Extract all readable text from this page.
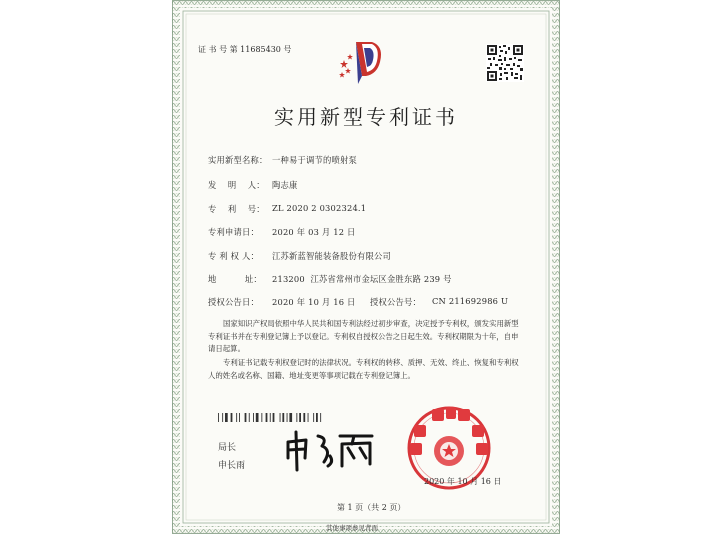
证 书 号 第 11685430 号
实用新型专利证书
实用新型名称： 一种易于调节的喷射泵
发    明    人： 陶志康
专    利    号： ZL 2020 2 0302324.1
专利申请日： 2020 年 03 月 12 日
专 利 权 人： 江苏新蓝智能装备股份有限公司
地          址： 213200  江苏省常州市金坛区金胜东路 239 号
授权公告日： 2020 年 10 月 16 日 授权公告号： CN 211692986 U
国家知识产权局依照中华人民共和国专利法经过初步审查，决定授予专利权，颁发实用新型专利证书并在专利登记簿上予以登记。专利权自授权公告之日起生效。专利权期限为十年，自申请日起算。
专利证书记载专利权登记时的法律状况。专利权的转移、质押、无效、终止、恢复和专利权人的姓名或名称、国籍、地址变更等事项记载在专利登记簿上。
局长
申长雨
2020 年 10 月 16 日
第 1 页（共 2 页）
其他事项参见背面
